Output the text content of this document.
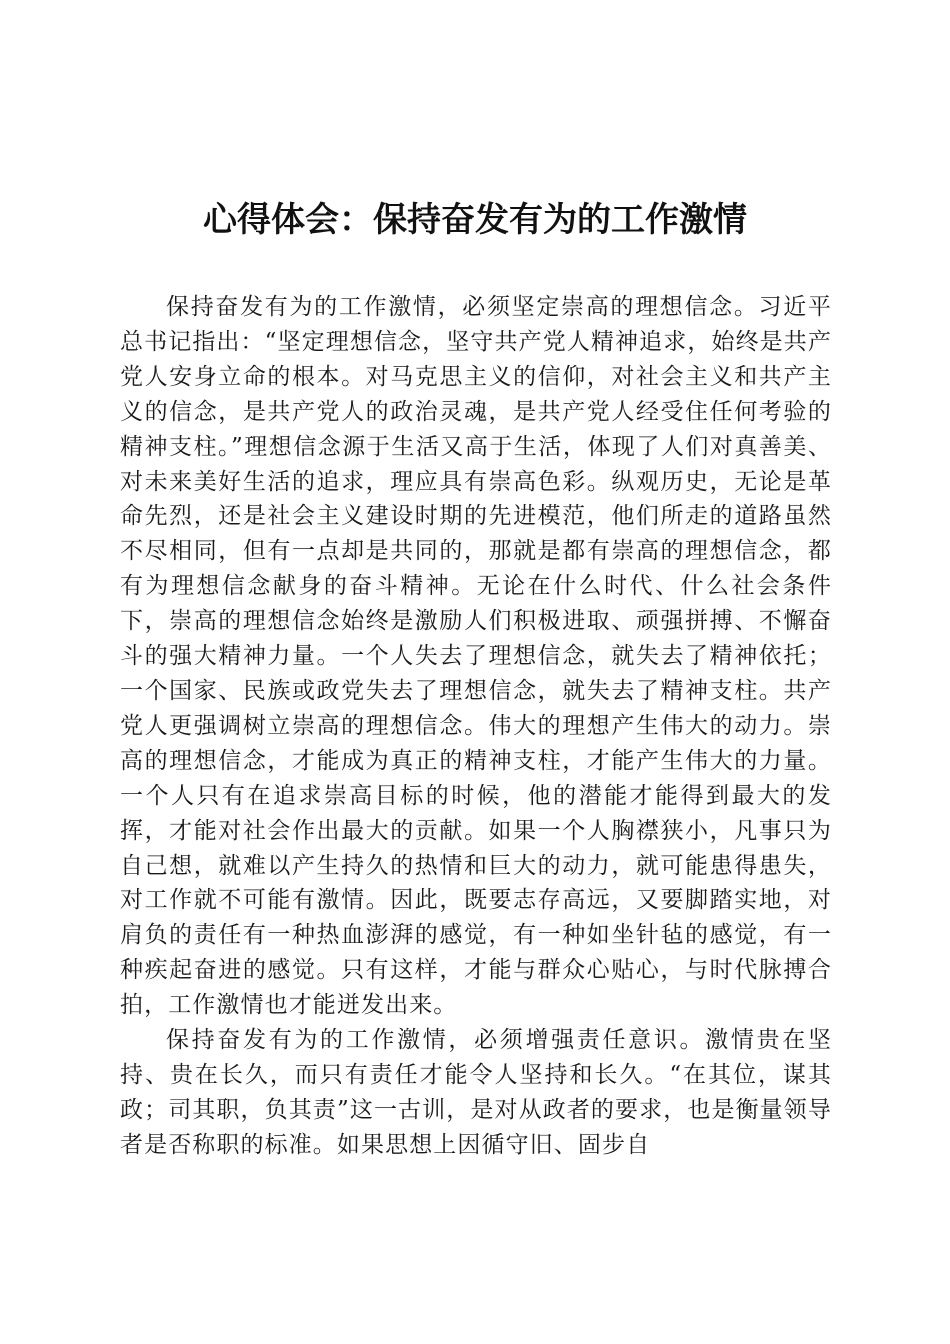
心得体会：保持奋发有为的工作激情

保持奋发有为的工作激情，必须坚定崇高的理想信念。习近平总书记指出：“坚定理想信念，坚守共产党人精神追求，始终是共产党人安身立命的根本。对马克思主义的信仰，对社会主义和共产主义的信念，是共产党人的政治灵魂，是共产党人经受住任何考验的精神支柱。”理想信念源于生活又高于生活，体现了人们对真善美、对未来美好生活的追求，理应具有崇高色彩。纵观历史，无论是革命先烈，还是社会主义建设时期的先进模范，他们所走的道路虽然不尽相同，但有一点却是共同的，那就是都有崇高的理想信念，都有为理想信念献身的奋斗精神。无论在什么时代、什么社会条件下，崇高的理想信念始终是激励人们积极进取、顽强拼搏、不懈奋斗的强大精神力量。一个人失去了理想信念，就失去了精神依托；一个国家、民族或政党失去了理想信念，就失去了精神支柱。共产党人更强调树立崇高的理想信念。伟大的理想产生伟大的动力。崇高的理想信念，才能成为真正的精神支柱，才能产生伟大的力量。一个人只有在追求崇高目标的时候，他的潜能才能得到最大的发挥，才能对社会作出最大的贡献。如果一个人胸襟狭小，凡事只为自己想，就难以产生持久的热情和巨大的动力，就可能患得患失，对工作就不可能有激情。因此，既要志存高远，又要脚踏实地，对肩负的责任有一种热血澎湃的感觉，有一种如坐针毡的感觉，有一种疾起奋进的感觉。只有这样，才能与群众心贴心，与时代脉搏合拍，工作激情也才能迸发出来。

保持奋发有为的工作激情，必须增强责任意识。激情贵在坚持、贵在长久，而只有责任才能令人坚持和长久。“在其位，谋其政；司其职，负其责”这一古训，是对从政者的要求，也是衡量领导者是否称职的标准。如果思想上因循守旧、固步自
